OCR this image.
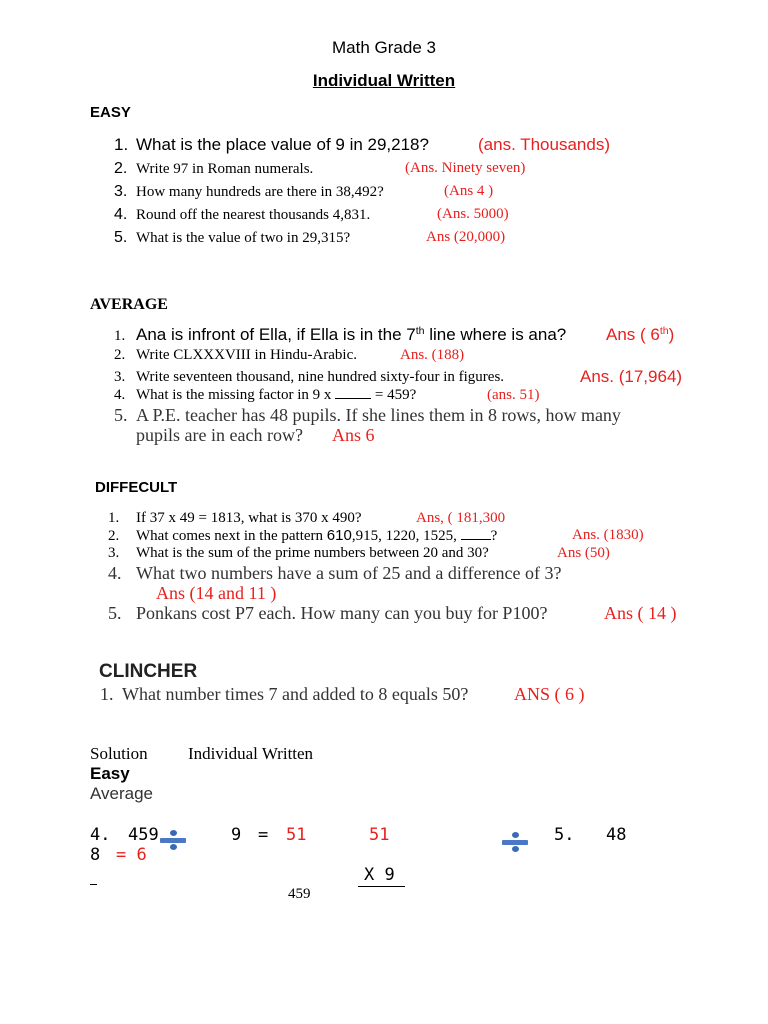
Math Grade 3
Individual Written
EASY
1. What is the place value of 9 in 29,218?	(ans. Thousands)
2. Write 97 in Roman numerals.	(Ans. Ninety seven)
3. How many hundreds are there in 38,492?	(Ans 4 )
4. Round off the nearest thousands 4,831.	(Ans. 5000)
5. What is the value of two in 29,315?	Ans (20,000)
AVERAGE
1. Ana is infront of Ella, if Ella is in the 7th line where is ana? Ans ( 6th)
2. Write CLXXXVIII in Hindu-Arabic.	Ans. (188)
3. Write seventeen thousand, nine hundred sixty-four in figures.	Ans. (17,964)
4. What is the missing factor in 9 x	= 459?	(ans. 51)
5. A P.E. teacher has 48 pupils. If she lines them in 8 rows, how many
pupils are in each row? Ans 6
DIFFECULT
1. If 37 x 49 = 1813, what is 370 x 490?	Ans, ( 181,300
2. What comes next in the pattern 610,915, 1220, 1525, ?	Ans. (1830)
3. What is the sum of the prime numbers between 20 and 30?	Ans (50)
4. What two numbers have a sum of 25 and a difference of 3?
Ans (14 and 11 )
5. Ponkans cost P7 each. How many can you buy for P100?	Ans ( 14 )
CLINCHER
1. What number times 7 and added to 8 equals 50?	ANS ( 6 )
Solution Individual Written
Easy
Average
4. 459	9 = 51	51	5. 48
8 = 6
X 9
459
